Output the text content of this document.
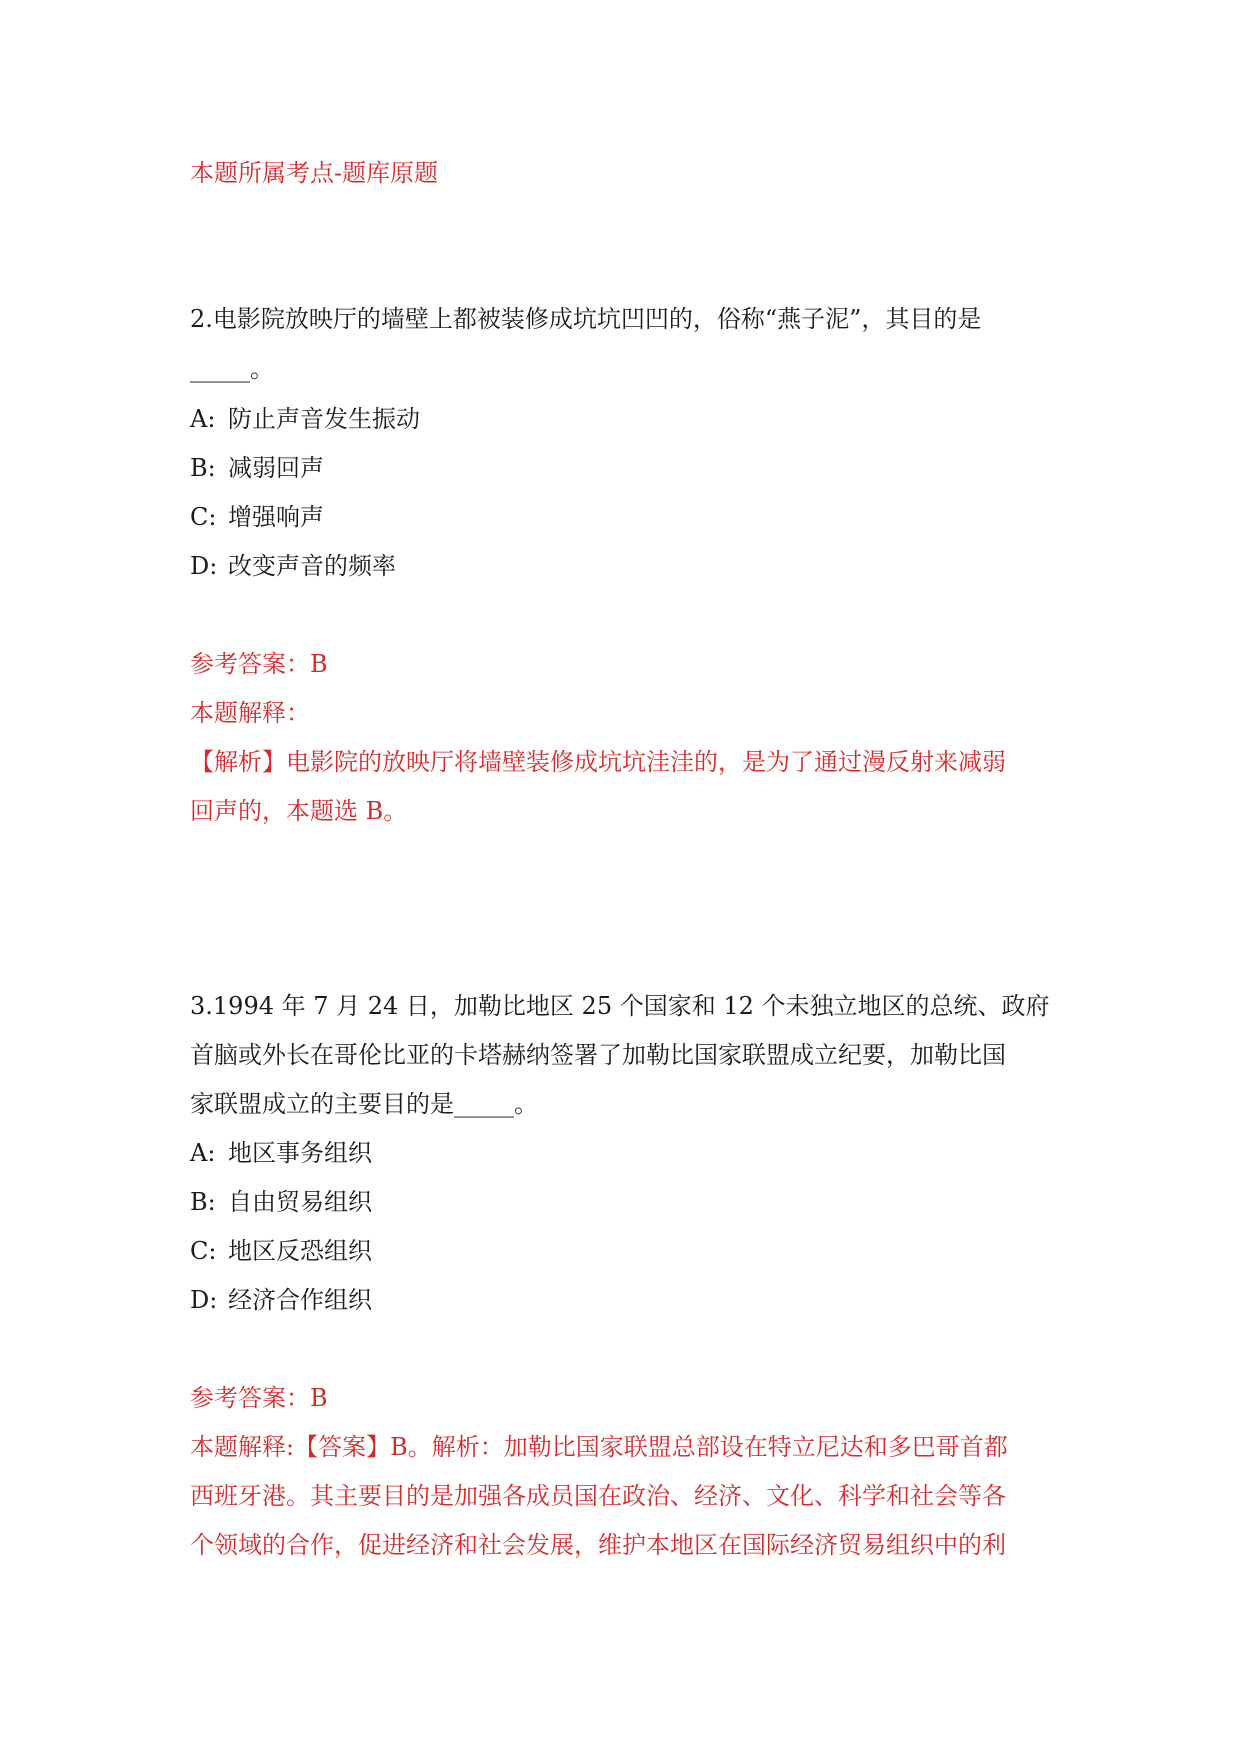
本题所属考点-题库原题
2.电影院放映厅的墙壁上都被装修成坑坑凹凹的，俗称“燕子泥”，其目的是
_____。
A: 防止声音发生振动
B: 减弱回声
C: 增强响声
D: 改变声音的频率
参考答案：B
本题解释：
【解析】电影院的放映厅将墙壁装修成坑坑洼洼的，是为了通过漫反射来减弱
回声的，本题选 B。
3.1994 年 7 月 24 日，加勒比地区 25 个国家和 12 个未独立地区的总统、政府
首脑或外长在哥伦比亚的卡塔赫纳签署了加勒比国家联盟成立纪要，加勒比国
家联盟成立的主要目的是_____。
A: 地区事务组织
B: 自由贸易组织
C: 地区反恐组织
D: 经济合作组织
参考答案：B
本题解释:【答案】B。解析：加勒比国家联盟总部设在特立尼达和多巴哥首都
西班牙港。其主要目的是加强各成员国在政治、经济、文化、科学和社会等各
个领域的合作，促进经济和社会发展，维护本地区在国际经济贸易组织中的利
